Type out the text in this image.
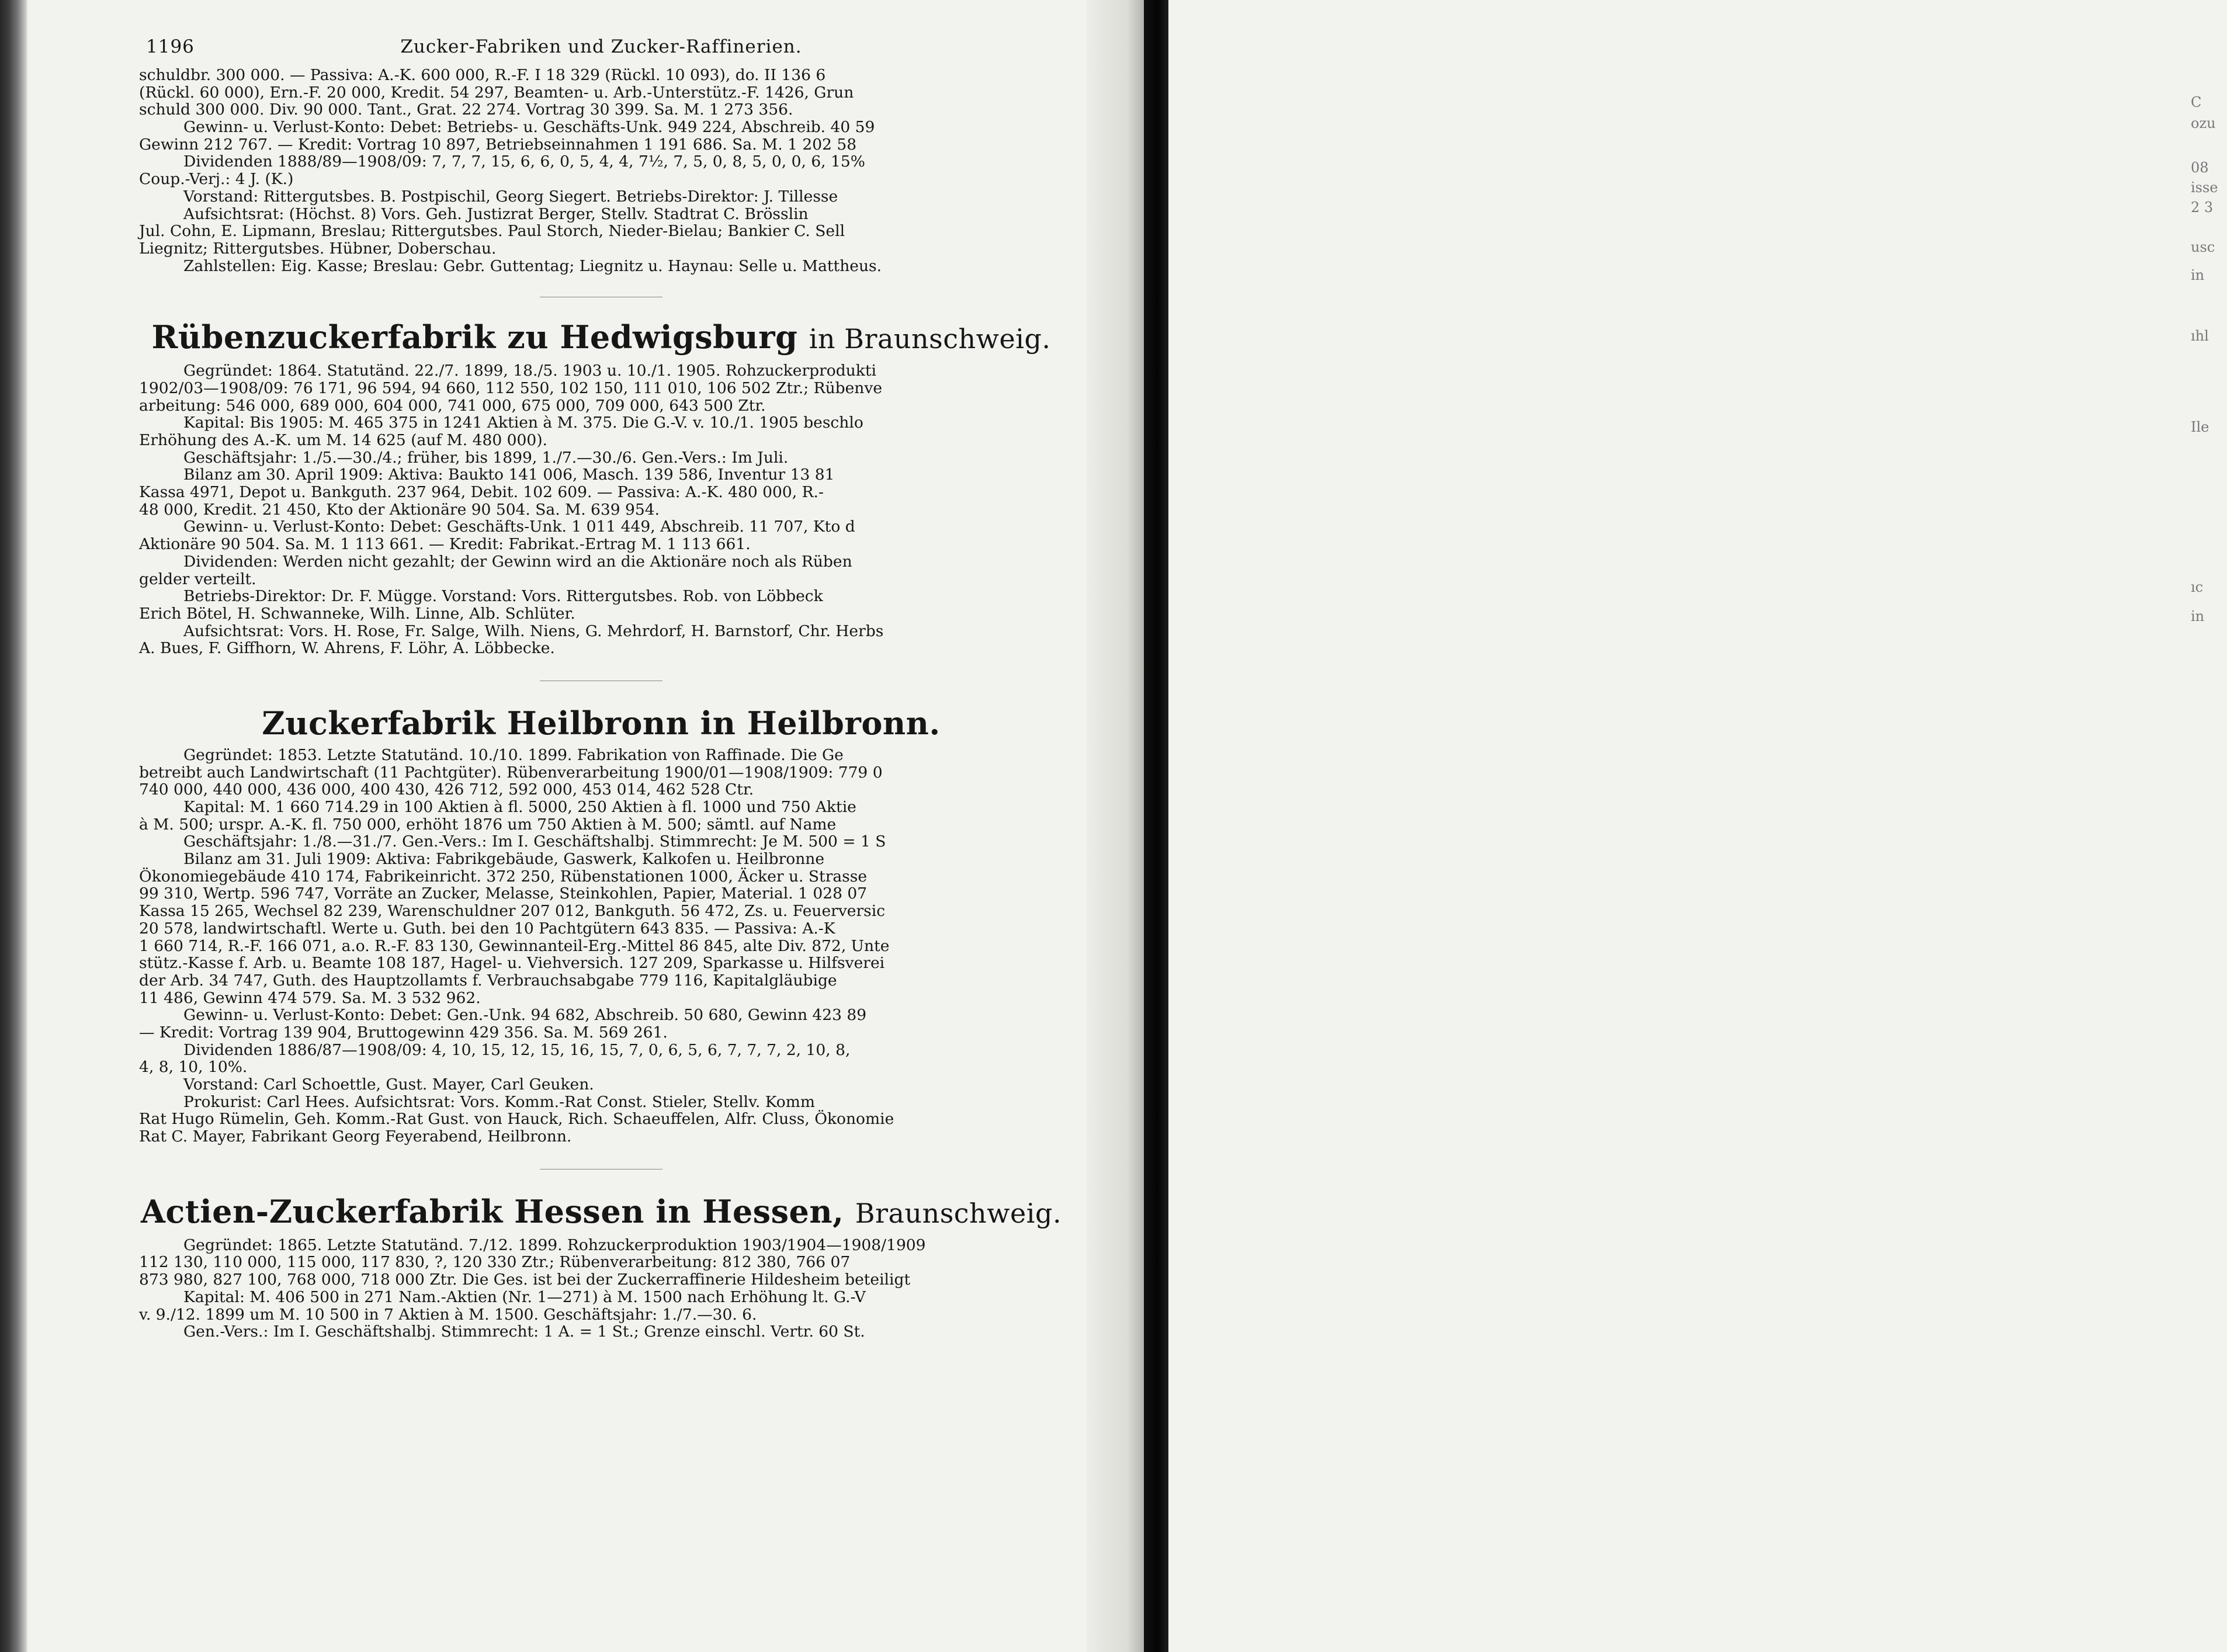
C
ozu
08
isse
2 3
usc
in
ıhl
Ile
ıc
in
1196	Zucker-Fabriken und Zucker-Raffinerien.
schuldbr. 300 000. — Passiva: A.-K. 600 000, R.-F. I 18 329 (Rückl. 10 093), do. II 136 6
(Rückl. 60 000), Ern.-F. 20 000, Kredit. 54 297, Beamten- u. Arb.-Unterstütz.-F. 1426, Grun
schuld 300 000. Div. 90 000. Tant., Grat. 22 274. Vortrag 30 399. Sa. M. 1 273 356.
Gewinn- u. Verlust-Konto: Debet: Betriebs- u. Geschäfts-Unk. 949 224, Abschreib. 40 59
Gewinn 212 767. — Kredit: Vortrag 10 897, Betriebseinnahmen 1 191 686. Sa. M. 1 202 58
Dividenden 1888/89—1908/09: 7, 7, 7, 15, 6, 6, 0, 5, 4, 4, 7½, 7, 5, 0, 8, 5, 0, 0, 6, 15%
Coup.-Verj.: 4 J. (K.)
Vorstand: Rittergutsbes. B. Postpischil, Georg Siegert. Betriebs-Direktor: J. Tillesse
Aufsichtsrat: (Höchst. 8) Vors. Geh. Justizrat Berger, Stellv. Stadtrat C. Brösslin
Jul. Cohn, E. Lipmann, Breslau; Rittergutsbes. Paul Storch, Nieder-Bielau; Bankier C. Sell
Liegnitz; Rittergutsbes. Hübner, Doberschau.
Zahlstellen: Eig. Kasse; Breslau: Gebr. Guttentag; Liegnitz u. Haynau: Selle u. Mattheus.
Rübenzuckerfabrik zu Hedwigsburg in Braunschweig.
Gegründet: 1864. Statutänd. 22./7. 1899, 18./5. 1903 u. 10./1. 1905. Rohzuckerprodukti
1902/03—1908/09: 76 171, 96 594, 94 660, 112 550, 102 150, 111 010, 106 502 Ztr.; Rübenve
arbeitung: 546 000, 689 000, 604 000, 741 000, 675 000, 709 000, 643 500 Ztr.
Kapital: Bis 1905: M. 465 375 in 1241 Aktien à M. 375. Die G.-V. v. 10./1. 1905 beschlo
Erhöhung des A.-K. um M. 14 625 (auf M. 480 000).
Geschäftsjahr: 1./5.—30./4.; früher, bis 1899, 1./7.—30./6. Gen.-Vers.: Im Juli.
Bilanz am 30. April 1909: Aktiva: Baukto 141 006, Masch. 139 586, Inventur 13 81
Kassa 4971, Depot u. Bankguth. 237 964, Debit. 102 609. — Passiva: A.-K. 480 000, R.-
48 000, Kredit. 21 450, Kto der Aktionäre 90 504. Sa. M. 639 954.
Gewinn- u. Verlust-Konto: Debet: Geschäfts-Unk. 1 011 449, Abschreib. 11 707, Kto d
Aktionäre 90 504. Sa. M. 1 113 661. — Kredit: Fabrikat.-Ertrag M. 1 113 661.
Dividenden: Werden nicht gezahlt; der Gewinn wird an die Aktionäre noch als Rüben
gelder verteilt.
Betriebs-Direktor: Dr. F. Mügge. Vorstand: Vors. Rittergutsbes. Rob. von Löbbeck
Erich Bötel, H. Schwanneke, Wilh. Linne, Alb. Schlüter.
Aufsichtsrat: Vors. H. Rose, Fr. Salge, Wilh. Niens, G. Mehrdorf, H. Barnstorf, Chr. Herbs
A. Bues, F. Giffhorn, W. Ahrens, F. Löhr, A. Löbbecke.
Zuckerfabrik Heilbronn in Heilbronn.
Gegründet: 1853. Letzte Statutänd. 10./10. 1899. Fabrikation von Raffinade. Die Ge
betreibt auch Landwirtschaft (11 Pachtgüter). Rübenverarbeitung 1900/01—1908/1909: 779 0
740 000, 440 000, 436 000, 400 430, 426 712, 592 000, 453 014, 462 528 Ctr.
Kapital: M. 1 660 714.29 in 100 Aktien à fl. 5000, 250 Aktien à fl. 1000 und 750 Aktie
à M. 500; urspr. A.-K. fl. 750 000, erhöht 1876 um 750 Aktien à M. 500; sämtl. auf Name
Geschäftsjahr: 1./8.—31./7. Gen.-Vers.: Im I. Geschäftshalbj. Stimmrecht: Je M. 500 = 1 S
Bilanz am 31. Juli 1909: Aktiva: Fabrikgebäude, Gaswerk, Kalkofen u. Heilbronne
Ökonomiegebäude 410 174, Fabrikeinricht. 372 250, Rübenstationen 1000, Äcker u. Strasse
99 310, Wertp. 596 747, Vorräte an Zucker, Melasse, Steinkohlen, Papier, Material. 1 028 07
Kassa 15 265, Wechsel 82 239, Warenschuldner 207 012, Bankguth. 56 472, Zs. u. Feuerversic
20 578, landwirtschaftl. Werte u. Guth. bei den 10 Pachtgütern 643 835. — Passiva: A.-K
1 660 714, R.-F. 166 071, a.o. R.-F. 83 130, Gewinnanteil-Erg.-Mittel 86 845, alte Div. 872, Unte
stütz.-Kasse f. Arb. u. Beamte 108 187, Hagel- u. Viehversich. 127 209, Sparkasse u. Hilfsverei
der Arb. 34 747, Guth. des Hauptzollamts f. Verbrauchsabgabe 779 116, Kapitalgläubige
11 486, Gewinn 474 579. Sa. M. 3 532 962.
Gewinn- u. Verlust-Konto: Debet: Gen.-Unk. 94 682, Abschreib. 50 680, Gewinn 423 89
— Kredit: Vortrag 139 904, Bruttogewinn 429 356. Sa. M. 569 261.
Dividenden 1886/87—1908/09: 4, 10, 15, 12, 15, 16, 15, 7, 0, 6, 5, 6, 7, 7, 7, 2, 10, 8,
4, 8, 10, 10%.
Vorstand: Carl Schoettle, Gust. Mayer, Carl Geuken.
Prokurist: Carl Hees. Aufsichtsrat: Vors. Komm.-Rat Const. Stieler, Stellv. Komm
Rat Hugo Rümelin, Geh. Komm.-Rat Gust. von Hauck, Rich. Schaeuffelen, Alfr. Cluss, Ökonomie
Rat C. Mayer, Fabrikant Georg Feyerabend, Heilbronn.
Actien-Zuckerfabrik Hessen in Hessen, Braunschweig.
Gegründet: 1865. Letzte Statutänd. 7./12. 1899. Rohzuckerproduktion 1903/1904—1908/1909
112 130, 110 000, 115 000, 117 830, ?, 120 330 Ztr.; Rübenverarbeitung: 812 380, 766 07
873 980, 827 100, 768 000, 718 000 Ztr. Die Ges. ist bei der Zuckerraffinerie Hildesheim beteiligt
Kapital: M. 406 500 in 271 Nam.-Aktien (Nr. 1—271) à M. 1500 nach Erhöhung lt. G.-V
v. 9./12. 1899 um M. 10 500 in 7 Aktien à M. 1500. Geschäftsjahr: 1./7.—30. 6.
Gen.-Vers.: Im I. Geschäftshalbj. Stimmrecht: 1 A. = 1 St.; Grenze einschl. Vertr. 60 St.
